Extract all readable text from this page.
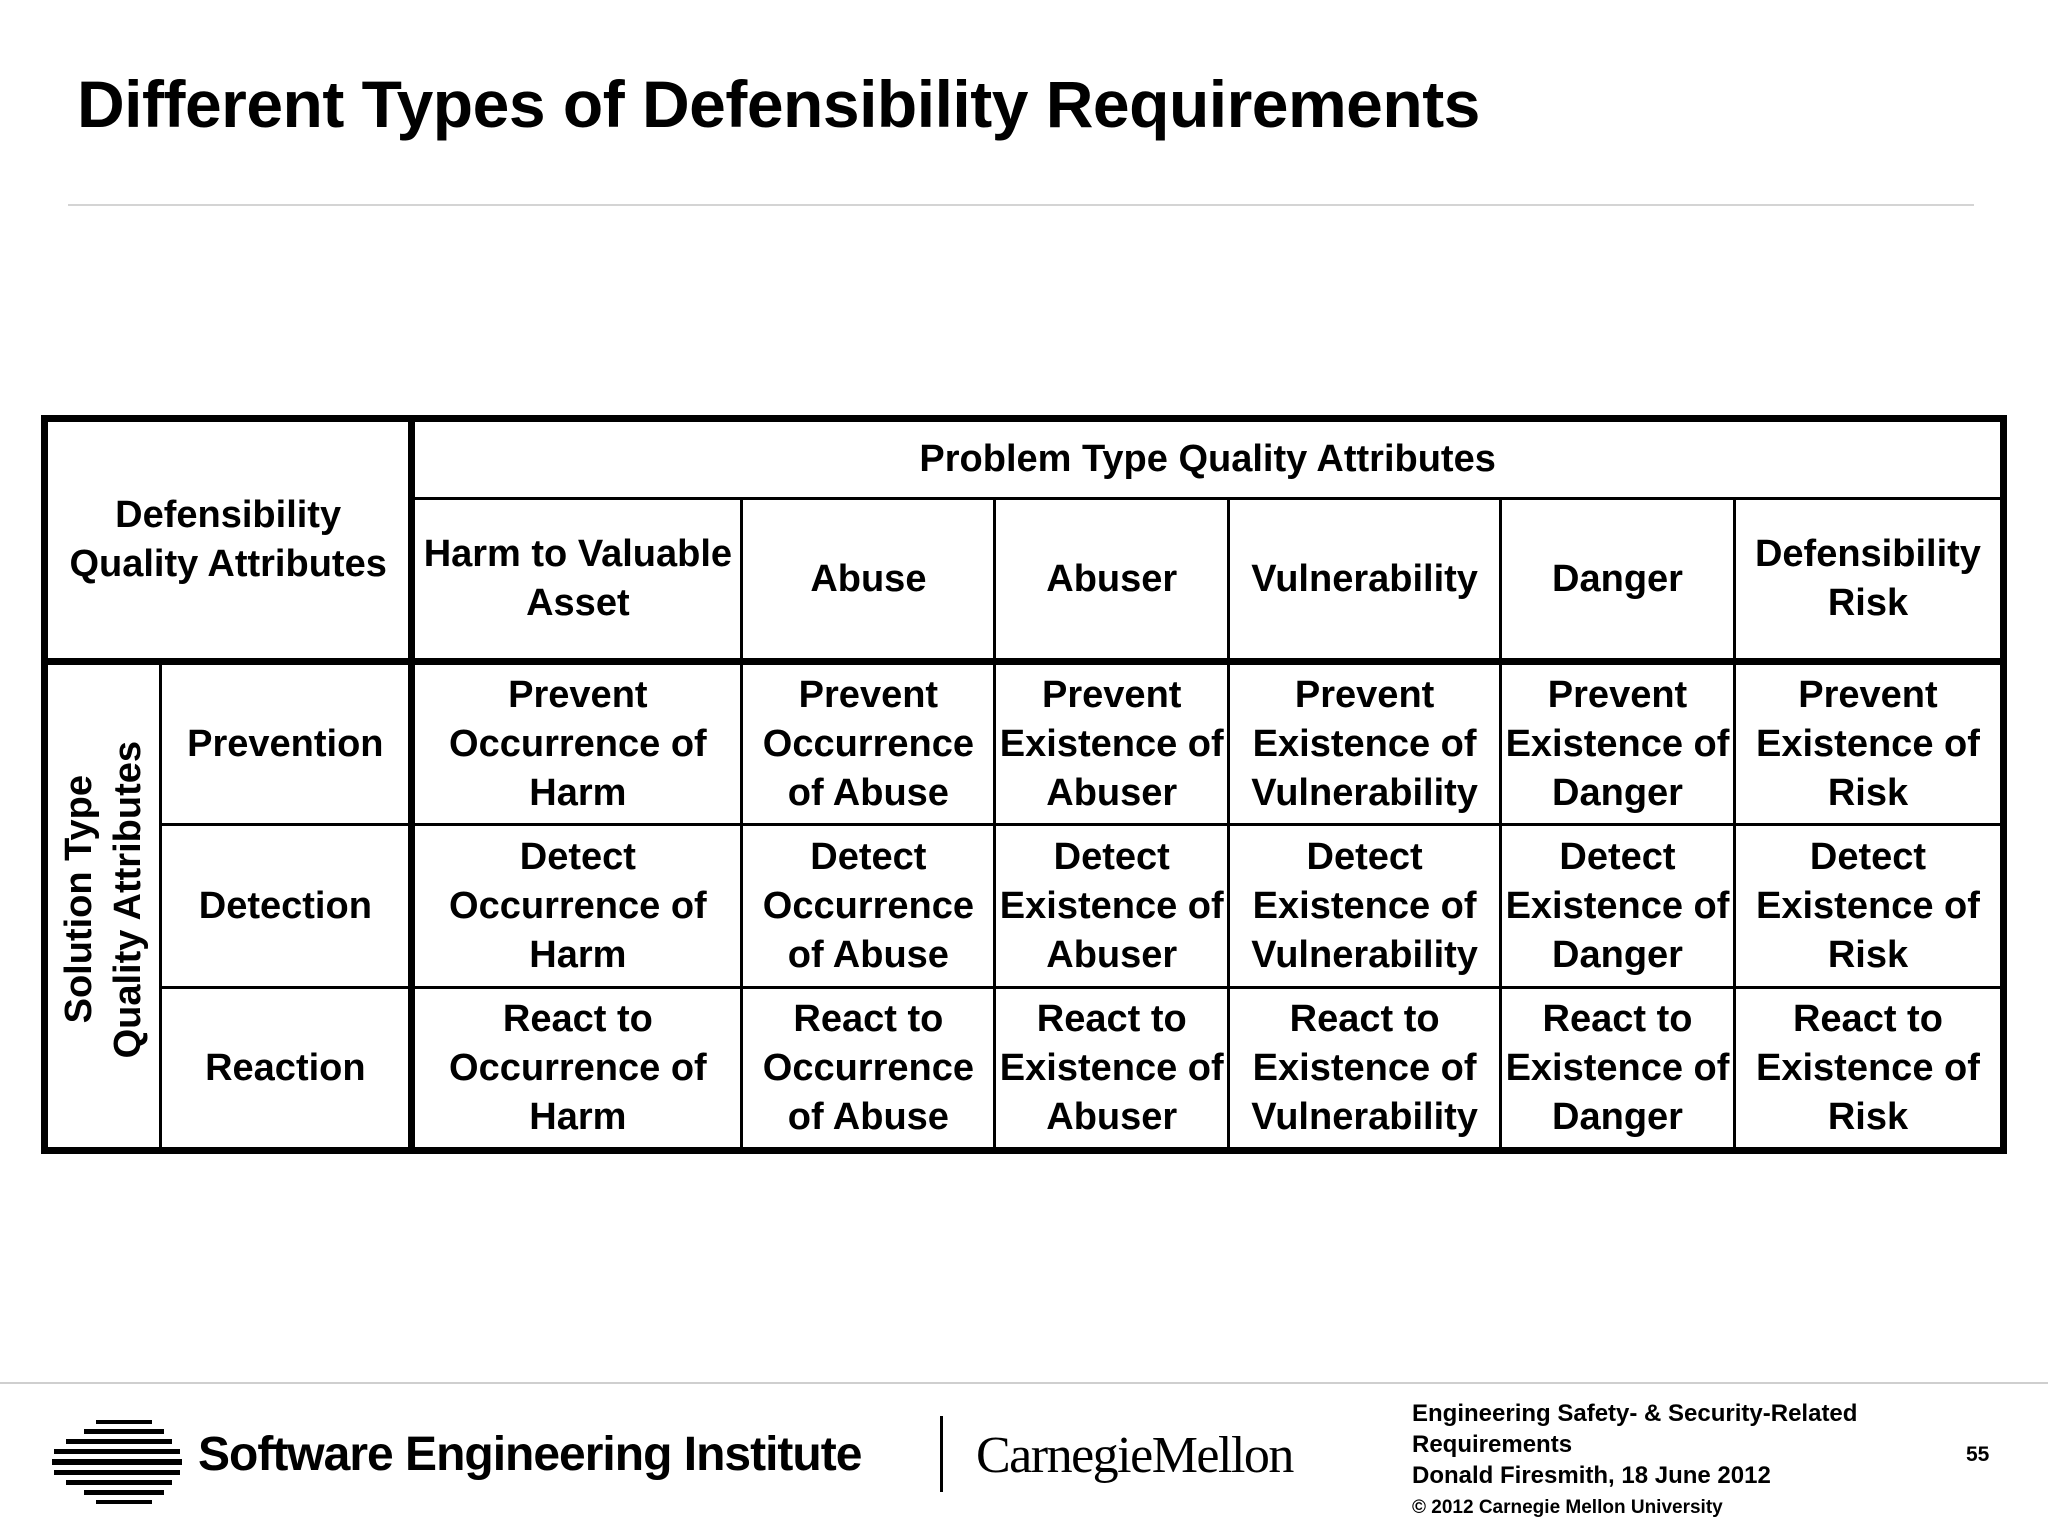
Different Types of Defensibility Requirements
Defensibility Quality Attributes		Problem Type Quality Attributes					
		Harm to Valuable Asset	Abuse	Abuser	Vulnerability	Danger	Defensibility Risk
Solution Type Quality Attributes	Prevention	Prevent Occurrence of Harm	Prevent Occurrence of Abuse	Prevent Existence of Abuser	Prevent Existence of Vulnerability	Prevent Existence of Danger	Prevent Existence of Risk
	Detection	Detect Occurrence of Harm	Detect Occurrence of Abuse	Detect Existence of Abuser	Detect Existence of Vulnerability	Detect Existence of Danger	Detect Existence of Risk
	Reaction	React to Occurrence of Harm	React to Occurrence of Abuse	React to Existence of Abuser	React to Existence of Vulnerability	React to Existence of Danger	React to Existence of Risk
Software Engineering Institute CarnegieMellon
Engineering Safety- & Security-Related
Requirements
Donald Firesmith, 18 June 2012
© 2012 Carnegie Mellon University
55
